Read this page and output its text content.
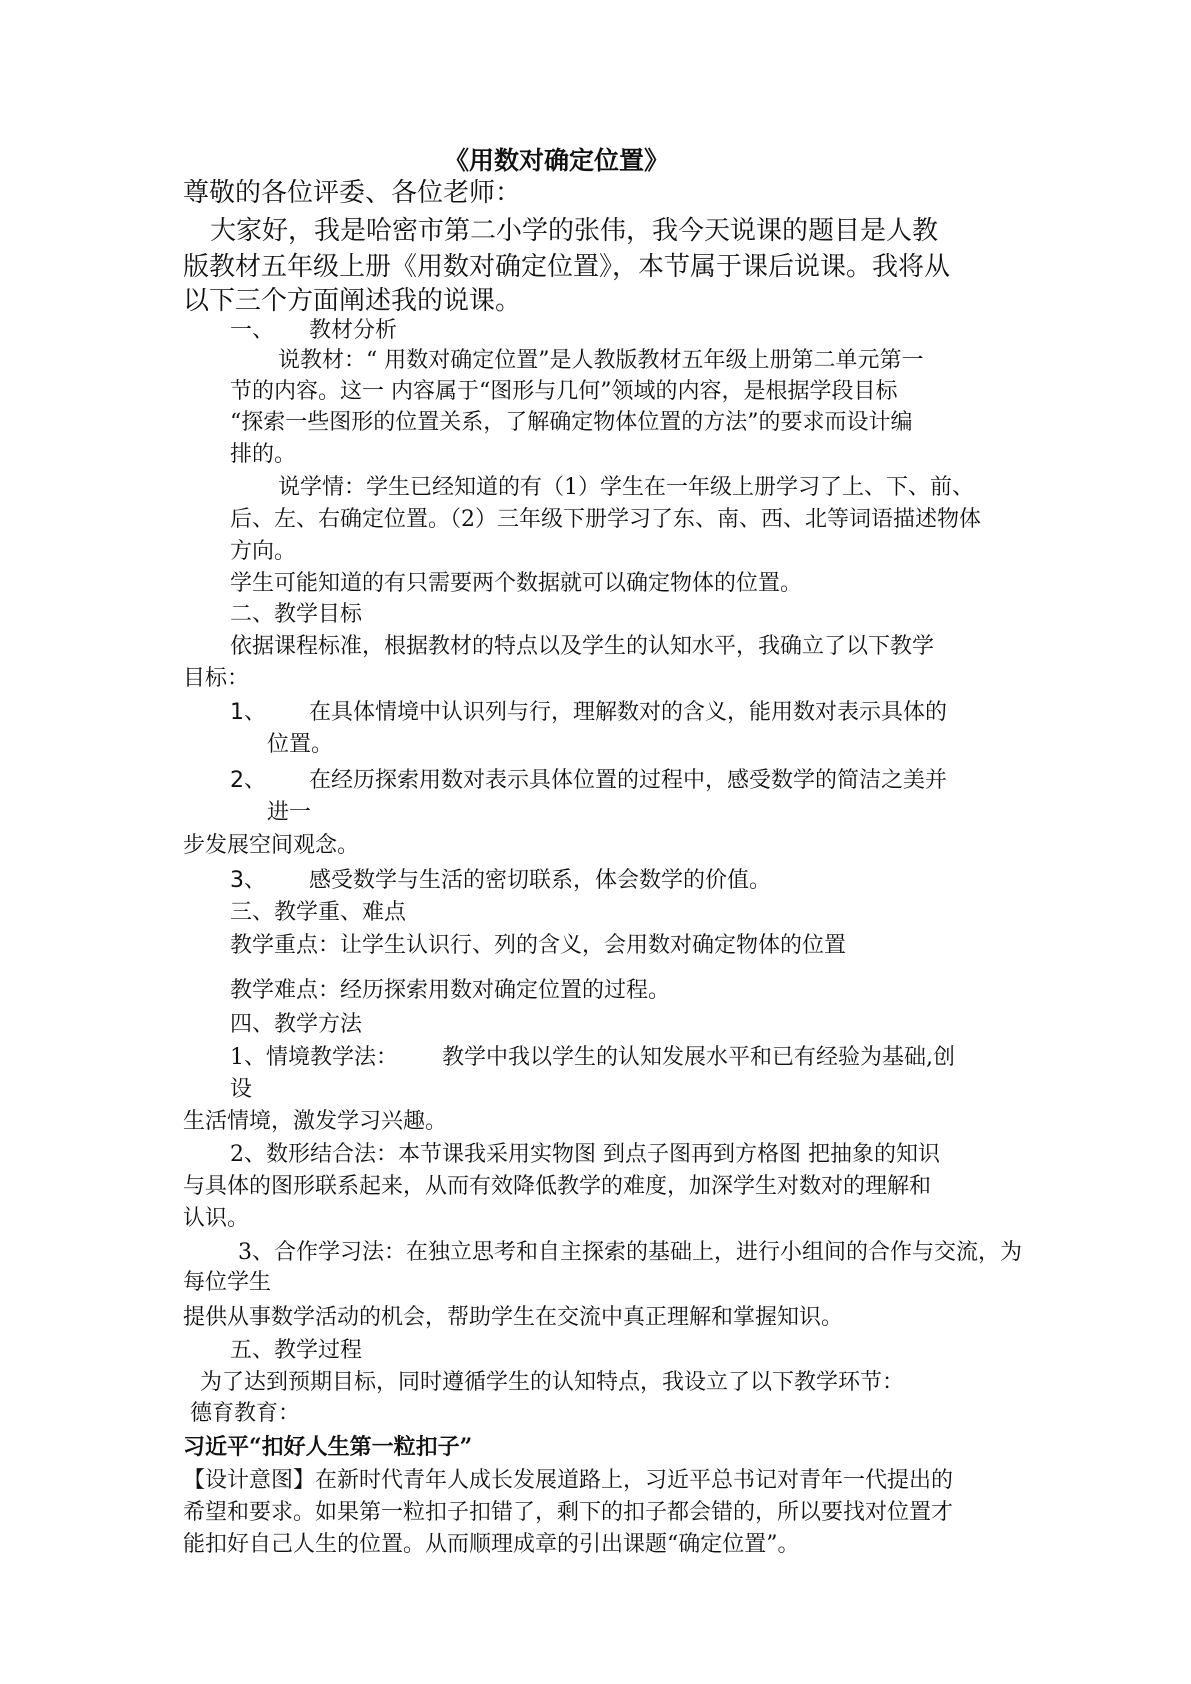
《用数对确定位置》
尊敬的各位评委、各位老师：
大家好，我是哈密市第二小学的张伟，我今天说课的题目是人教
版教材五年级上册《用数对确定位置》，本节属于课后说课。我将从
以下三个方面阐述我的说课。
一、 教材分析
说教材：“ 用数对确定位置”是人教版教材五年级上册第二单元第一
节的内容。这一 内容属于“图形与几何”领域的内容，是根据学段目标
“探索一些图形的位置关系，了解确定物体位置的方法”的要求而设计编
排的。
说学情：学生已经知道的有（1）学生在一年级上册学习了上、下、前、
后、左、右确定位置。（2）三年级下册学习了东、南、西、北等词语描述物体
方向。
学生可能知道的有只需要两个数据就可以确定物体的位置。
二、教学目标
依据课程标准，根据教材的特点以及学生的认知水平，我确立了以下教学
目标：
1、 在具体情境中认识列与行，理解数对的含义，能用数对表示具体的
位置。
2、 在经历探索用数对表示具体位置的过程中，感受数学的简洁之美并
进一
步发展空间观念。
3、 感受数学与生活的密切联系，体会数学的价值。
三、教学重、难点
教学重点：让学生认识行、列的含义，会用数对确定物体的位置
教学难点：经历探索用数对确定位置的过程。
四、教学方法
1、情境教学法： 教学中我以学生的认知发展水平和已有经验为基础,创
设
生活情境，激发学习兴趣。
2、数形结合法：本节课我采用实物图 到点子图再到方格图 把抽象的知识
与具体的图形联系起来，从而有效降低教学的难度，加深学生对数对的理解和
认识。
3、合作学习法：在独立思考和自主探索的基础上，进行小组间的合作与交流，为
每位学生
提供从事数学活动的机会，帮助学生在交流中真正理解和掌握知识。
五、教学过程
为了达到预期目标，同时遵循学生的认知特点，我设立了以下教学环节：
德育教育：
习近平“扣好人生第一粒扣子”
【设计意图】在新时代青年人成长发展道路上，习近平总书记对青年一代提出的
希望和要求。如果第一粒扣子扣错了，剩下的扣子都会错的，所以要找对位置才
能扣好自己人生的位置。从而顺理成章的引出课题“确定位置”。
